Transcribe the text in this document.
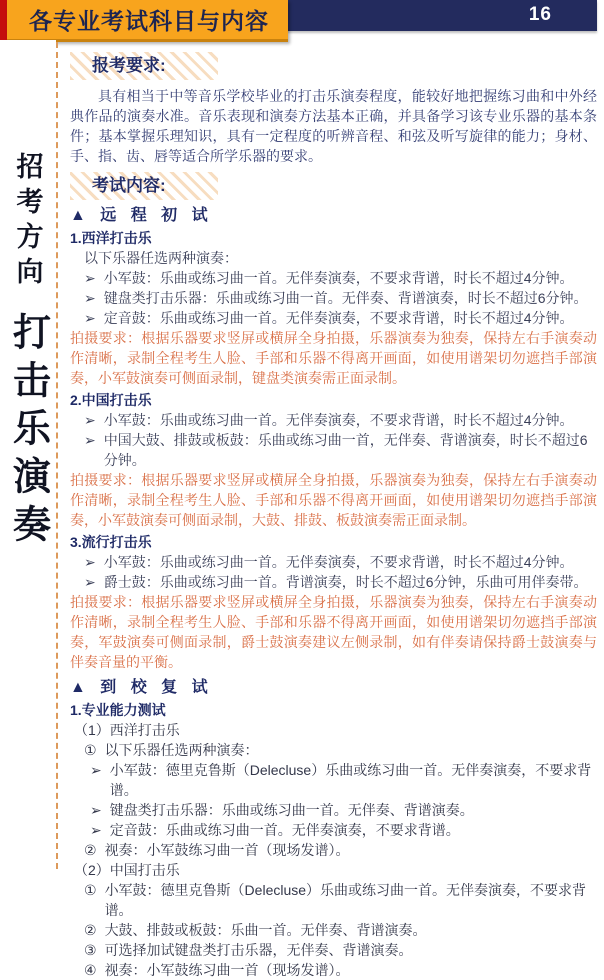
各专业考试科目与内容	16
招考方向
打击乐演奏
报考要求:
具有相当于中等音乐学校毕业的打击乐演奏程度，能较好地把握练习曲和中外经典作品的演奏水准。音乐表现和演奏方法基本正确，并具备学习该专业乐器的基本条件；基本掌握乐理知识，具有一定程度的听辨音程、和弦及听写旋律的能力；身材、手、指、齿、唇等适合所学乐器的要求。
考试内容:
▲ 远 程 初 试
1.西洋打击乐
以下乐器任选两种演奏：
➢ 小军鼓：乐曲或练习曲一首。无伴奏演奏，不要求背谱，时长不超过4分钟。
➢ 键盘类打击乐器：乐曲或练习曲一首。无伴奏、背谱演奏，时长不超过6分钟。
➢ 定音鼓：乐曲或练习曲一首。无伴奏演奏，不要求背谱，时长不超过4分钟。
拍摄要求：根据乐器要求竖屏或横屏全身拍摄，乐器演奏为独奏，保持左右手演奏动作清晰，录制全程考生人脸、手部和乐器不得离开画面，如使用谱架切勿遮挡手部演奏，小军鼓演奏可侧面录制，键盘类演奏需正面录制。
2.中国打击乐
➢ 小军鼓：乐曲或练习曲一首。无伴奏演奏，不要求背谱，时长不超过4分钟。
➢ 中国大鼓、排鼓或板鼓：乐曲或练习曲一首，无伴奏、背谱演奏，时长不超过6分钟。
拍摄要求：根据乐器要求竖屏或横屏全身拍摄，乐器演奏为独奏，保持左右手演奏动作清晰，录制全程考生人脸、手部和乐器不得离开画面，如使用谱架切勿遮挡手部演奏，小军鼓演奏可侧面录制，大鼓、排鼓、板鼓演奏需正面录制。
3.流行打击乐
➢ 小军鼓：乐曲或练习曲一首。无伴奏演奏，不要求背谱，时长不超过4分钟。
➢ 爵士鼓：乐曲或练习曲一首。背谱演奏，时长不超过6分钟，乐曲可用伴奏带。
拍摄要求：根据乐器要求竖屏或横屏全身拍摄，乐器演奏为独奏，保持左右手演奏动作清晰，录制全程考生人脸、手部和乐器不得离开画面，如使用谱架切勿遮挡手部演奏，军鼓演奏可侧面录制，爵士鼓演奏建议左侧录制，如有伴奏请保持爵士鼓演奏与伴奏音量的平衡。
▲ 到 校 复 试
1.专业能力测试
（1）西洋打击乐
① 以下乐器任选两种演奏：
➢ 小军鼓：德里克鲁斯（Delecluse）乐曲或练习曲一首。无伴奏演奏，不要求背谱。
➢ 键盘类打击乐器：乐曲或练习曲一首。无伴奏、背谱演奏。
➢ 定音鼓：乐曲或练习曲一首。无伴奏演奏，不要求背谱。
② 视奏：小军鼓练习曲一首（现场发谱）。
（2）中国打击乐
① 小军鼓：德里克鲁斯（Delecluse）乐曲或练习曲一首。无伴奏演奏，不要求背谱。
② 大鼓、排鼓或板鼓：乐曲一首。无伴奏、背谱演奏。
③ 可选择加试键盘类打击乐器，无伴奏、背谱演奏。
④ 视奏：小军鼓练习曲一首（现场发谱）。
